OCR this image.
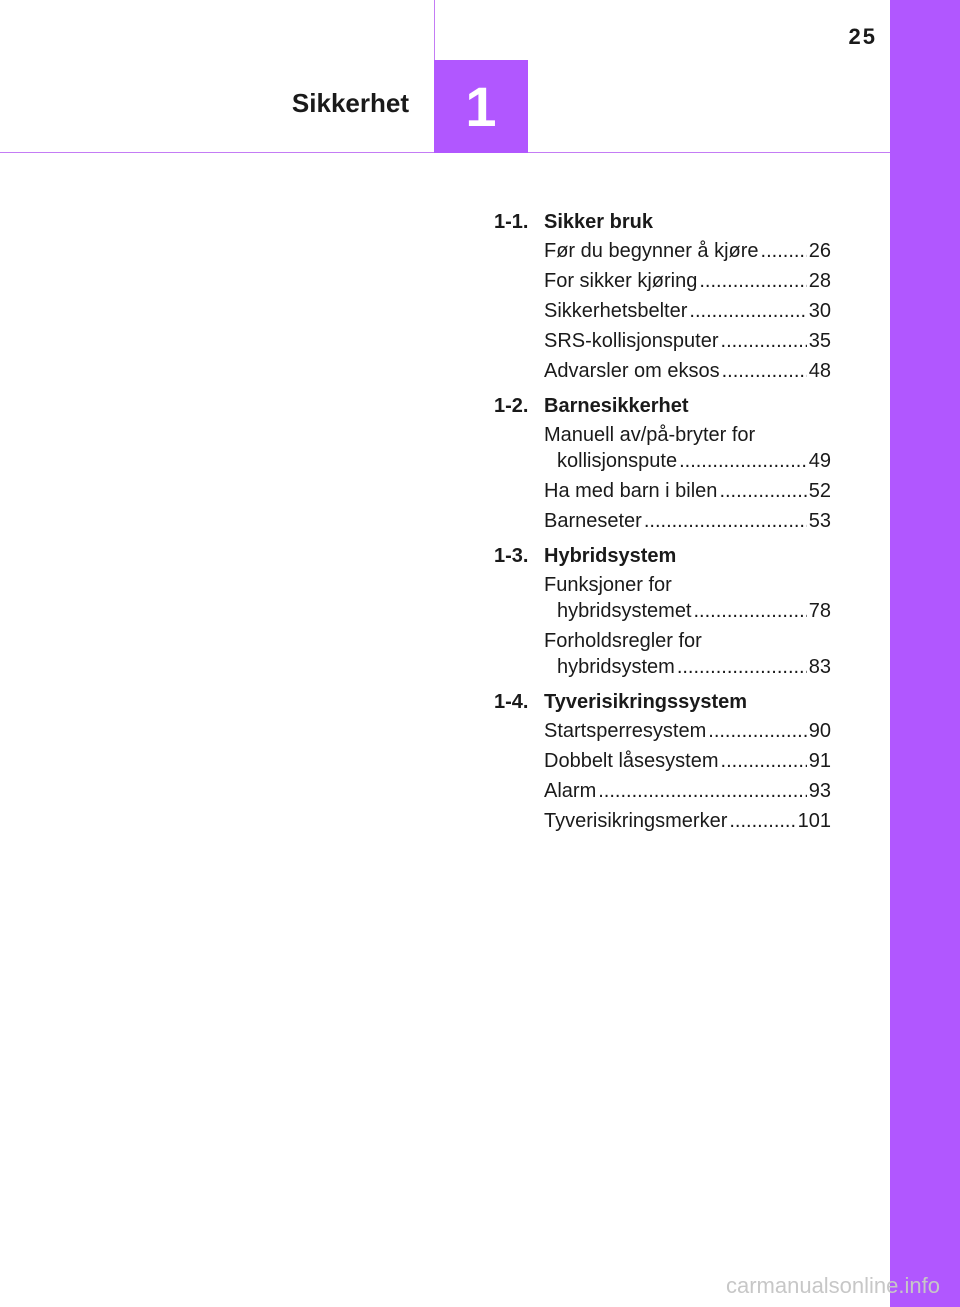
Sikkerhet 1
25
1-1. Sikker bruk
Før du begynner å kjøre .....	26
For sikker kjøring .....	28
Sikkerhetsbelter .....	30
SRS-kollisjonsputer .....	35
Advarsler om eksos .....	48
1-2. Barnesikkerhet
Manuell av/på-bryter for
kollisjonspute .....	49
Ha med barn i bilen .....	52
Barneseter .....	53
1-3. Hybridsystem
Funksjoner for
hybridsystemet .....	78
Forholdsregler for
hybridsystem .....	83
1-4. Tyverisikringssystem
Startsperresystem .....	90
Dobbelt låsesystem .....	91
Alarm .....	93
Tyverisikringsmerker .....	101
carmanualsonline.info
